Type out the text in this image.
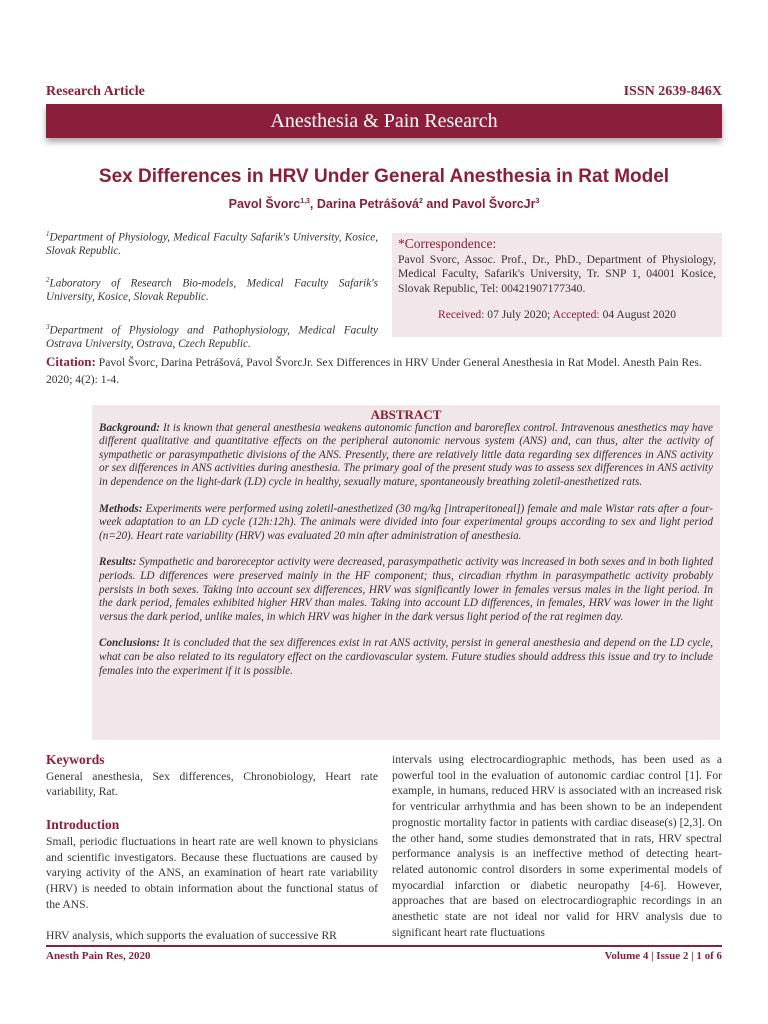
Research Article	ISSN 2639-846X
Anesthesia & Pain Research
Sex Differences in HRV Under General Anesthesia in Rat Model
Pavol Švorc$^{1,3}$, Darina Petrášová$^2$ and Pavol ŠvorcJr$^3$
$^1$Department of Physiology, Medical Faculty Safarik's University, Kosice, Slovak Republic.
$^2$Laboratory of Research Bio-models, Medical Faculty Safarik's University, Kosice, Slovak Republic.
$^3$Department of Physiology and Pathophysiology, Medical Faculty Ostrava University, Ostrava, Czech Republic.
*Correspondence:
Pavol Svorc, Assoc. Prof., Dr., PhD., Department of Physiology, Medical Faculty, Safarik's University, Tr. SNP 1, 04001 Kosice, Slovak Republic, Tel: 00421907177340.
Received: 07 July 2020; Accepted: 04 August 2020
Citation: Pavol Švorc, Darina Petrášová, Pavol ŠvorcJr. Sex Differences in HRV Under General Anesthesia in Rat Model. Anesth Pain Res. 2020; 4(2): 1-4.
ABSTRACT

Background: It is known that general anesthesia weakens autonomic function and baroreflex control. Intravenous anesthetics may have different qualitative and quantitative effects on the peripheral autonomic nervous system (ANS) and, can thus, alter the activity of sympathetic or parasympathetic divisions of the ANS. Presently, there are relatively little data regarding sex differences in ANS activity or sex differences in ANS activities during anesthesia. The primary goal of the present study was to assess sex differences in ANS activity in dependence on the light-dark (LD) cycle in healthy, sexually mature, spontaneously breathing zoletil-anesthetized rats.

Methods: Experiments were performed using zoletil-anesthetized (30 mg/kg [intraperitoneal]) female and male Wistar rats after a four-week adaptation to an LD cycle (12h:12h). The animals were divided into four experimental groups according to sex and light period (n=20). Heart rate variability (HRV) was evaluated 20 min after administration of anesthesia.

Results: Sympathetic and baroreceptor activity were decreased, parasympathetic activity was increased in both sexes and in both lighted periods. LD differences were preserved mainly in the HF component; thus, circadian rhythm in parasympathetic activity probably persists in both sexes. Taking into account sex differences, HRV was significantly lower in females versus males in the light period. In the dark period, females exhibited higher HRV than males. Taking into account LD differences, in females, HRV was lower in the light versus the dark period, unlike males, in which HRV was higher in the dark versus light period of the rat regimen day.

Conclusions: It is concluded that the sex differences exist in rat ANS activity, persist in general anesthesia and depend on the LD cycle, what can be also related to its regulatory effect on the cardiovascular system. Future studies should address this issue and try to include females into the experiment if it is possible.

Keywords

General anesthesia, Sex differences, Chronobiology, Heart rate variability, Rat.

Introduction

Small, periodic fluctuations in heart rate are well known to physicians and scientific investigators. Because these fluctuations are caused by varying activity of the ANS, an examination of heart rate variability (HRV) is needed to obtain information about the functional status of the ANS.

HRV analysis, which supports the evaluation of successive RR

intervals using electrocardiographic methods, has been used as a powerful tool in the evaluation of autonomic cardiac control [1]. For example, in humans, reduced HRV is associated with an increased risk for ventricular arrhythmia and has been shown to be an independent prognostic mortality factor in patients with cardiac disease(s) [2,3]. On the other hand, some studies demonstrated that in rats, HRV spectral performance analysis is an ineffective method of detecting heart-related autonomic control disorders in some experimental models of myocardial infarction or diabetic neuropathy [4-6]. However, approaches that are based on electrocardiographic recordings in an anesthetic state are not ideal nor valid for HRV analysis due to significant heart rate fluctuations

Anesth Pain Res, 2020	Volume 4 | Issue 2 | 1 of 6
